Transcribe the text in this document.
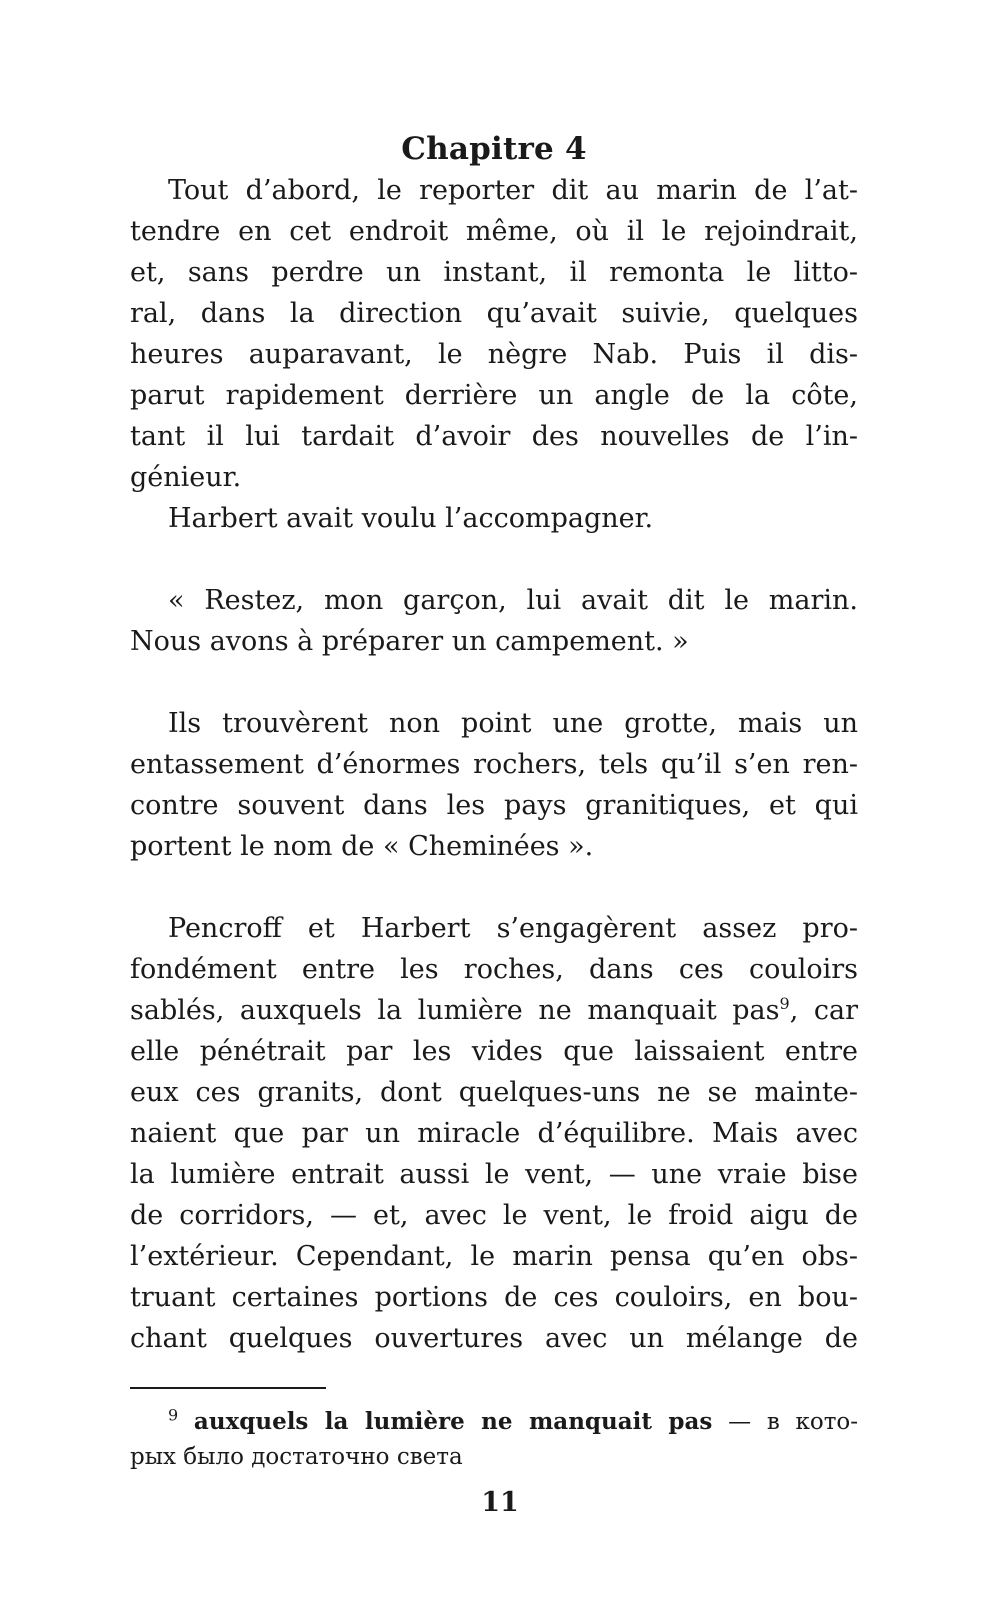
Chapitre 4
Tout d’abord, le reporter dit au marin de l’at-
tendre en cet endroit même, où il le rejoindrait,
et, sans perdre un instant, il remonta le litto-
ral, dans la direction qu’avait suivie, quelques
heures auparavant, le nègre Nab. Puis il dis-
parut rapidement derrière un angle de la côte,
tant il lui tardait d’avoir des nouvelles de l’in-
génieur.
Harbert avait voulu l’accompagner.
« Restez, mon garçon, lui avait dit le marin.
Nous avons à préparer un campement. »
Ils trouvèrent non point une grotte, mais un
entassement d’énormes rochers, tels qu’il s’en ren-
contre souvent dans les pays granitiques, et qui
portent le nom de « Cheminées ».
Pencroff et Harbert s’engagèrent assez pro-
fondément entre les roches, dans ces couloirs
sablés, auxquels la lumière ne manquait pas$^9$, car
elle pénétrait par les vides que laissaient entre
eux ces granits, dont quelques-uns ne se mainte-
naient que par un miracle d’équilibre. Mais avec
la lumière entrait aussi le vent, — une vraie bise
de corridors, — et, avec le vent, le froid aigu de
l’extérieur. Cependant, le marin pensa qu’en obs-
truant certaines portions de ces couloirs, en bou-
chant quelques ouvertures avec un mélange de
$^9$ auxquels la lumière ne manquait pas — в кото-
рых было достаточно света
11
